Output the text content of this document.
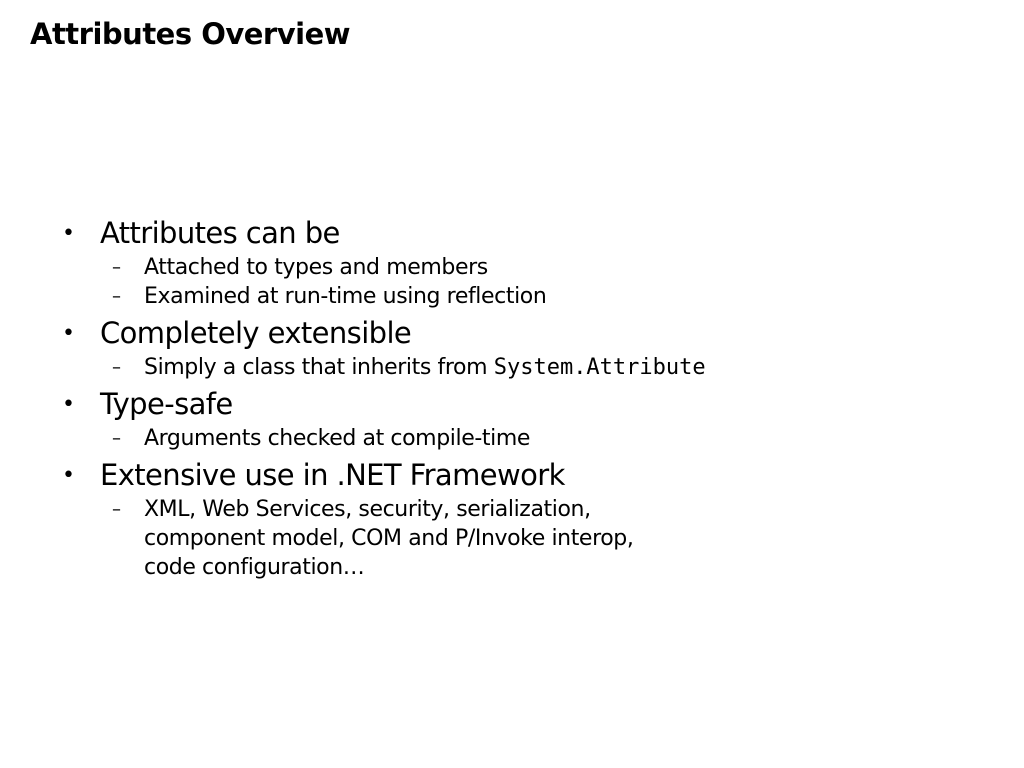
Attributes Overview
• Attributes can be
– Attached to types and members
– Examined at run-time using reflection
• Completely extensible
– Simply a class that inherits from System.Attribute
• Type-safe
– Arguments checked at compile-time
• Extensive use in .NET Framework
– XML, Web Services, security, serialization,
component model, COM and P/Invoke interop,
code configuration…
